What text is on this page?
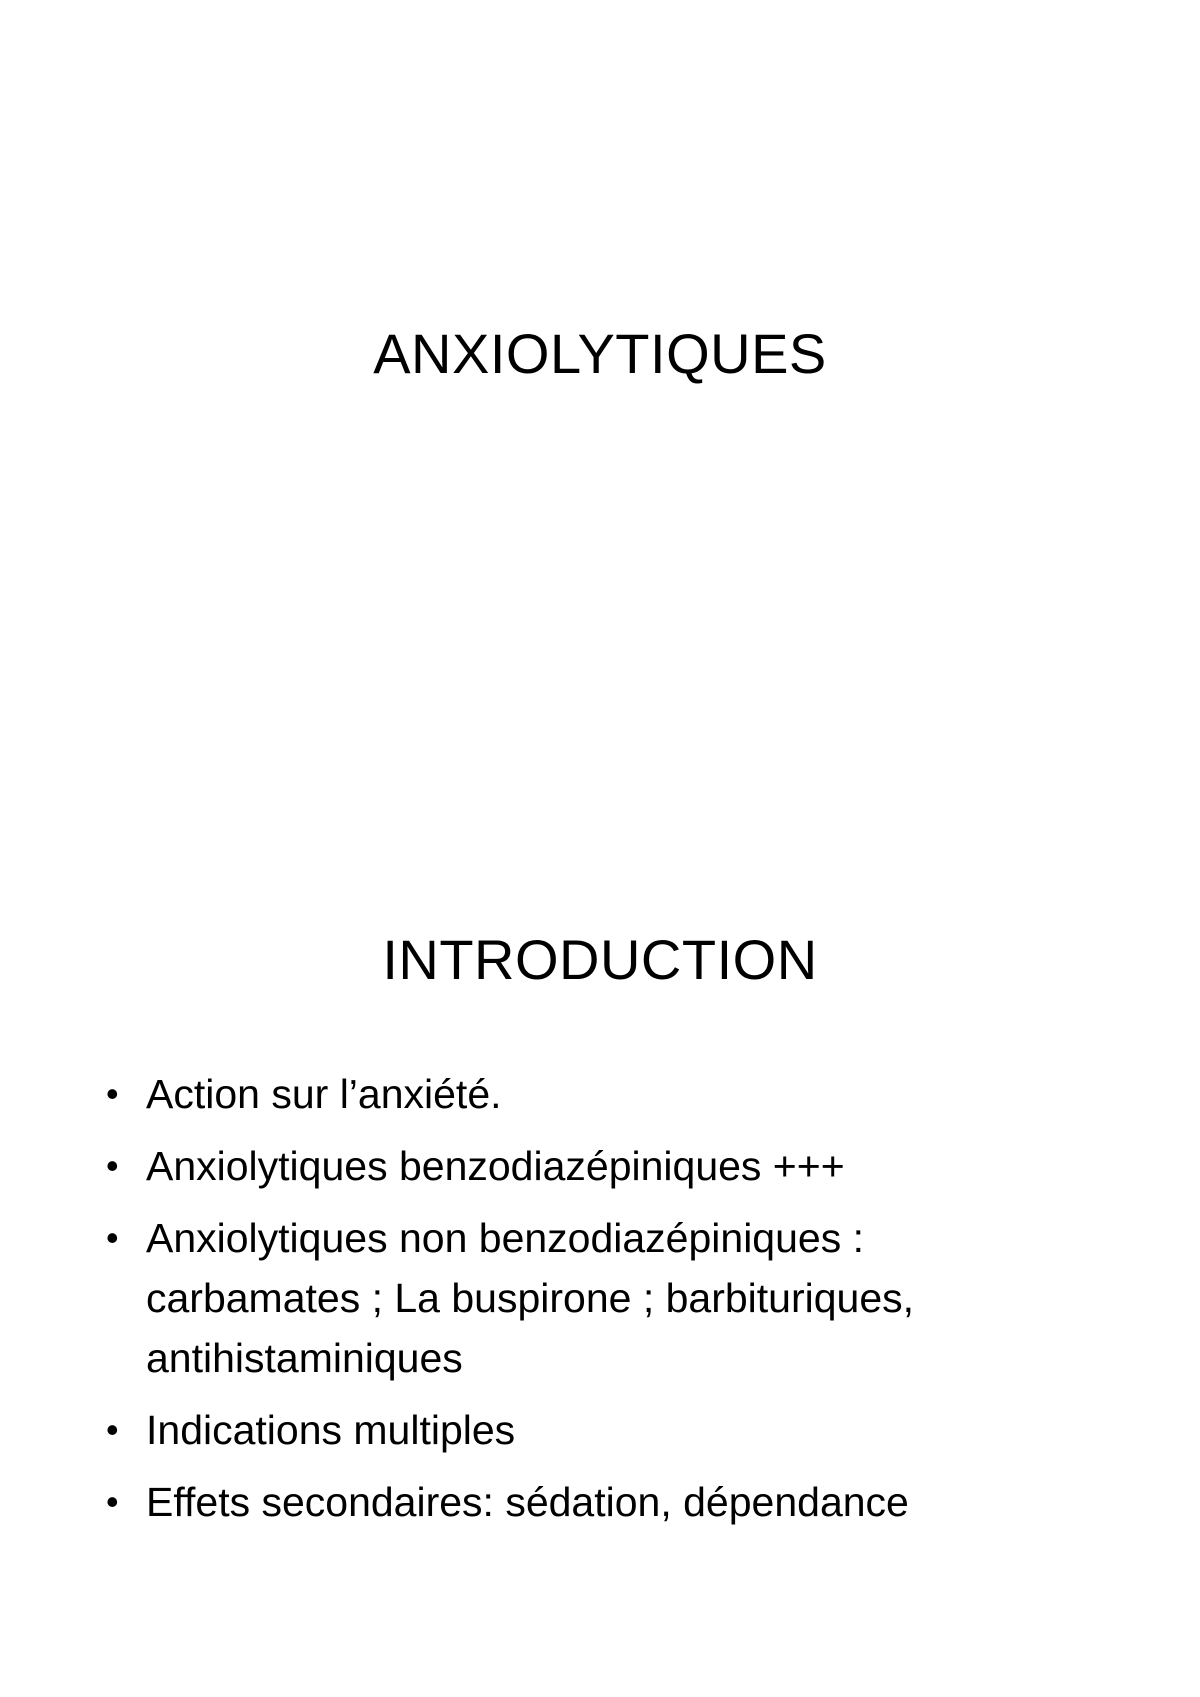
ANXIOLYTIQUES
INTRODUCTION
• Action sur l’anxiété.
• Anxiolytiques benzodiazépiniques +++
• Anxiolytiques non benzodiazépiniques : carbamates ; La buspirone ; barbituriques, antihistaminiques
• Indications multiples
• Effets secondaires: sédation, dépendance
